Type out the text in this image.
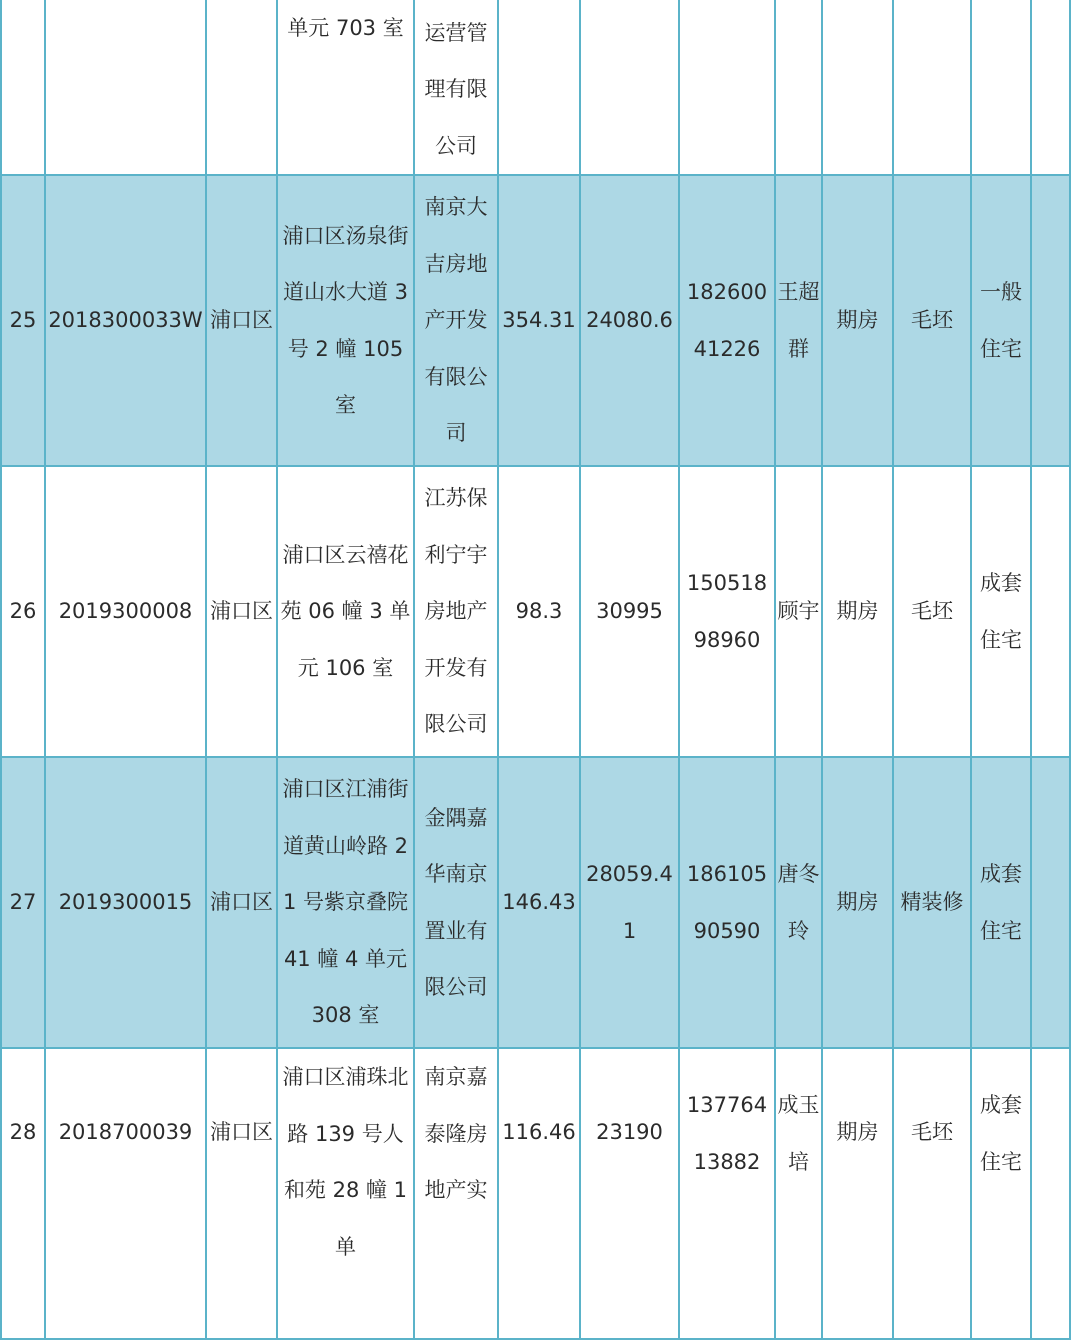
			单元 703 室	运营管理有限公司								
25	2018300033W	浦口区	浦口区汤泉街道山水大道 3 号 2 幢 105 室	南京大吉房地产开发有限公司	354.31	24080.6	18260041226	王超群	期房	毛坯	一般住宅	
26	2019300008	浦口区	浦口区云禧花苑 06 幢 3 单元 106 室	江苏保利宁宇房地产开发有限公司	98.3	30995	15051898960	顾宇	期房	毛坯	成套住宅	
27	2019300015	浦口区	浦口区江浦街道黄山岭路 21 号紫京叠院 41 幢 4 单元 308 室	金隅嘉华南京置业有限公司	146.43	28059.41	18610590590	唐冬玲	期房	精装修	成套住宅	
28	2018700039	浦口区	浦口区浦珠北路 139 号人和苑 28 幢 1 单	南京嘉泰隆房地产实	116.46	23190	13776413882	成玉培	期房	毛坯	成套住宅	
